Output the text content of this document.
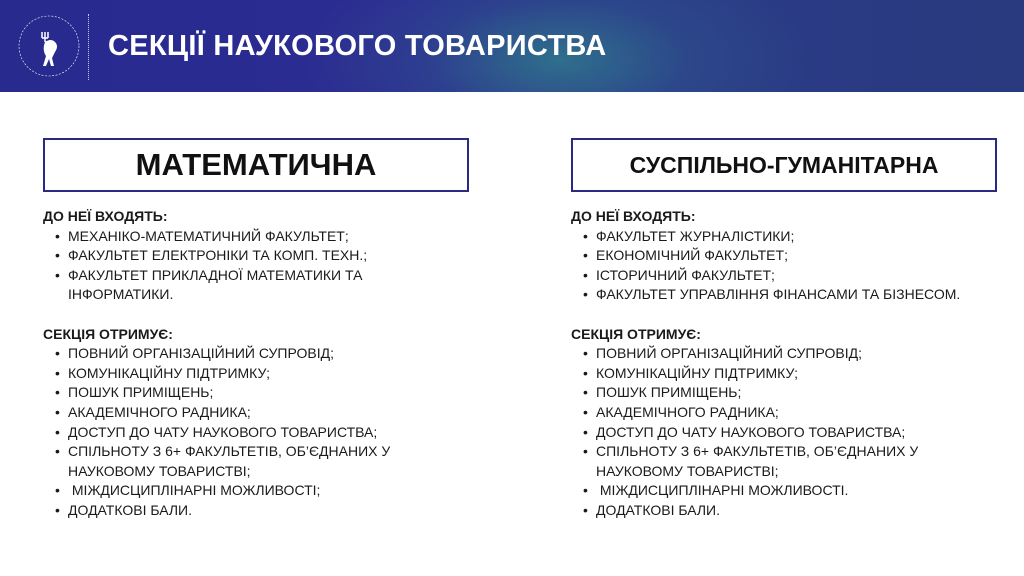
СЕКЦІЇ НАУКОВОГО ТОВАРИСТВА
МАТЕМАТИЧНА	СУСПІЛЬНО-ГУМАНІТАРНА
ДО НЕЇ ВХОДЯТЬ:
• МЕХАНІКО-МАТЕМАТИЧНИЙ ФАКУЛЬТЕТ;
• ФАКУЛЬТЕТ ЕЛЕКТРОНІКИ ТА КОМП. ТЕХН.;
• ФАКУЛЬТЕТ ПРИКЛАДНОЇ МАТЕМАТИКИ ТА ІНФОРМАТИКИ.
СЕКЦІЯ ОТРИМУЄ:
• ПОВНИЙ ОРГАНІЗАЦІЙНИЙ СУПРОВІД;
• КОМУНІКАЦІЙНУ ПІДТРИМКУ;
• ПОШУК ПРИМІЩЕНЬ;
• АКАДЕМІЧНОГО РАДНИКА;
• ДОСТУП ДО ЧАТУ НАУКОВОГО ТОВАРИСТВА;
• СПІЛЬНОТУ З 6+ ФАКУЛЬТЕТІВ, ОБ’ЄДНАНИХ У НАУКОВОМУ ТОВАРИСТВІ;
•  МІЖДИСЦИПЛІНАРНІ МОЖЛИВОСТІ;
• ДОДАТКОВІ БАЛИ.
ДО НЕЇ ВХОДЯТЬ:
• ФАКУЛЬТЕТ ЖУРНАЛІСТИКИ;
• ЕКОНОМІЧНИЙ ФАКУЛЬТЕТ;
• ІСТОРИЧНИЙ ФАКУЛЬТЕТ;
• ФАКУЛЬТЕТ УПРАВЛІННЯ ФІНАНСАМИ ТА БІЗНЕСОМ.
СЕКЦІЯ ОТРИМУЄ:
• ПОВНИЙ ОРГАНІЗАЦІЙНИЙ СУПРОВІД;
• КОМУНІКАЦІЙНУ ПІДТРИМКУ;
• ПОШУК ПРИМІЩЕНЬ;
• АКАДЕМІЧНОГО РАДНИКА;
• ДОСТУП ДО ЧАТУ НАУКОВОГО ТОВАРИСТВА;
• СПІЛЬНОТУ З 6+ ФАКУЛЬТЕТІВ, ОБ’ЄДНАНИХ У НАУКОВОМУ ТОВАРИСТВІ;
•  МІЖДИСЦИПЛІНАРНІ МОЖЛИВОСТІ.
• ДОДАТКОВІ БАЛИ.
